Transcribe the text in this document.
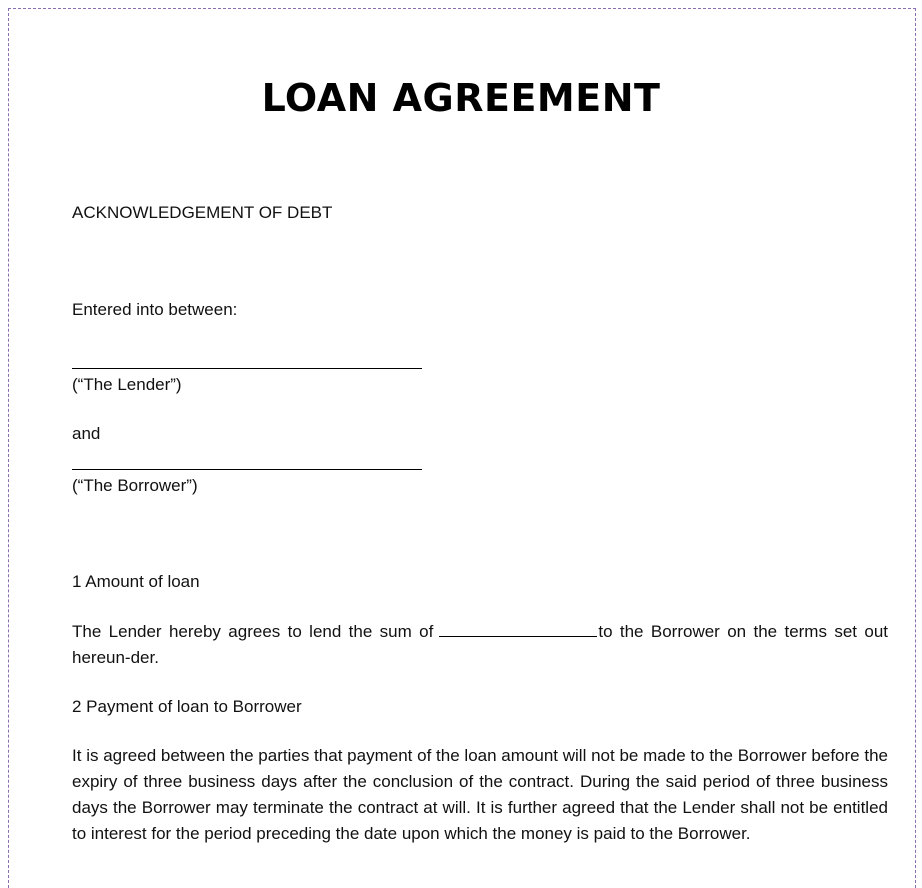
LOAN AGREEMENT

ACKNOWLEDGEMENT OF DEBT

Entered into between:

(“The Lender”)

and

(“The Borrower”)

1 Amount of loan

The Lender hereby agrees to lend the sum of	to the Borrower on the terms set out hereun-der.

2 Payment of loan to Borrower

It is agreed between the parties that payment of the loan amount will not be made to the Borrower before the expiry of three business days after the conclusion of the contract. During the said period of three business days the Borrower may terminate the contract at will. It is further agreed that the Lender shall not be entitled to interest for the period preceding the date upon which the money is paid to the Borrower.
